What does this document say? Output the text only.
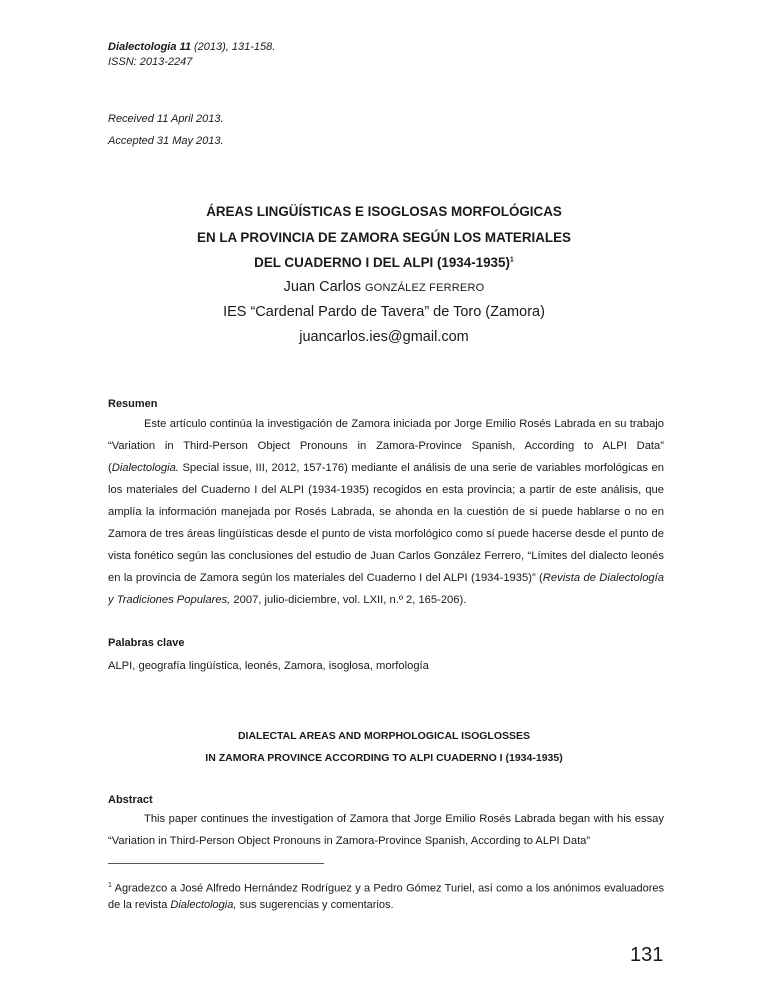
Dialectologia 11 (2013), 131-158.
ISSN: 2013-2247
Received 11 April 2013.
Accepted 31 May 2013.
ÁREAS LINGÜÍSTICAS E ISOGLOSAS MORFOLÓGICAS
EN LA PROVINCIA DE ZAMORA SEGÚN LOS MATERIALES
DEL CUADERNO I DEL ALPI (1934-1935)$^1$
Juan Carlos GONZÁLEZ FERRERO
IES “Cardenal Pardo de Tavera” de Toro (Zamora)
juancarlos.ies@gmail.com
Resumen
Este artículo continúa la investigación de Zamora iniciada por Jorge Emilio Rosés Labrada en su trabajo “Variation in Third-Person Object Pronouns in Zamora-Province Spanish, According to ALPI Data” (Dialectologia. Special issue, III, 2012, 157-176) mediante el análisis de una serie de variables morfológicas en los materiales del Cuaderno I del ALPI (1934-1935) recogidos en esta provincia; a partir de este análisis, que amplía la información manejada por Rosés Labrada, se ahonda en la cuestión de si puede hablarse o no en Zamora de tres áreas lingüísticas desde el punto de vista morfológico como sí puede hacerse desde el punto de vista fonético según las conclusiones del estudio de Juan Carlos González Ferrero, “Límites del dialecto leonés en la provincia de Zamora según los materiales del Cuaderno I del ALPI (1934-1935)” (Revista de Dialectología y Tradiciones Populares, 2007, julio-diciembre, vol. LXII, n.º 2, 165-206).
Palabras clave
ALPI, geografía lingüística, leonés, Zamora, isoglosa, morfología
DIALECTAL AREAS AND MORPHOLOGICAL ISOGLOSSES
IN ZAMORA PROVINCE ACCORDING TO ALPI CUADERNO I (1934-1935)
Abstract
This paper continues the investigation of Zamora that Jorge Emilio Rosés Labrada began with his essay “Variation in Third-Person Object Pronouns in Zamora-Province Spanish, According to ALPI Data”
$^1$ Agradezco a José Alfredo Hernández Rodríguez y a Pedro Gómez Turiel, así como a los anónimos evaluadores de la revista Dialectologia, sus sugerencias y comentarios.
131
